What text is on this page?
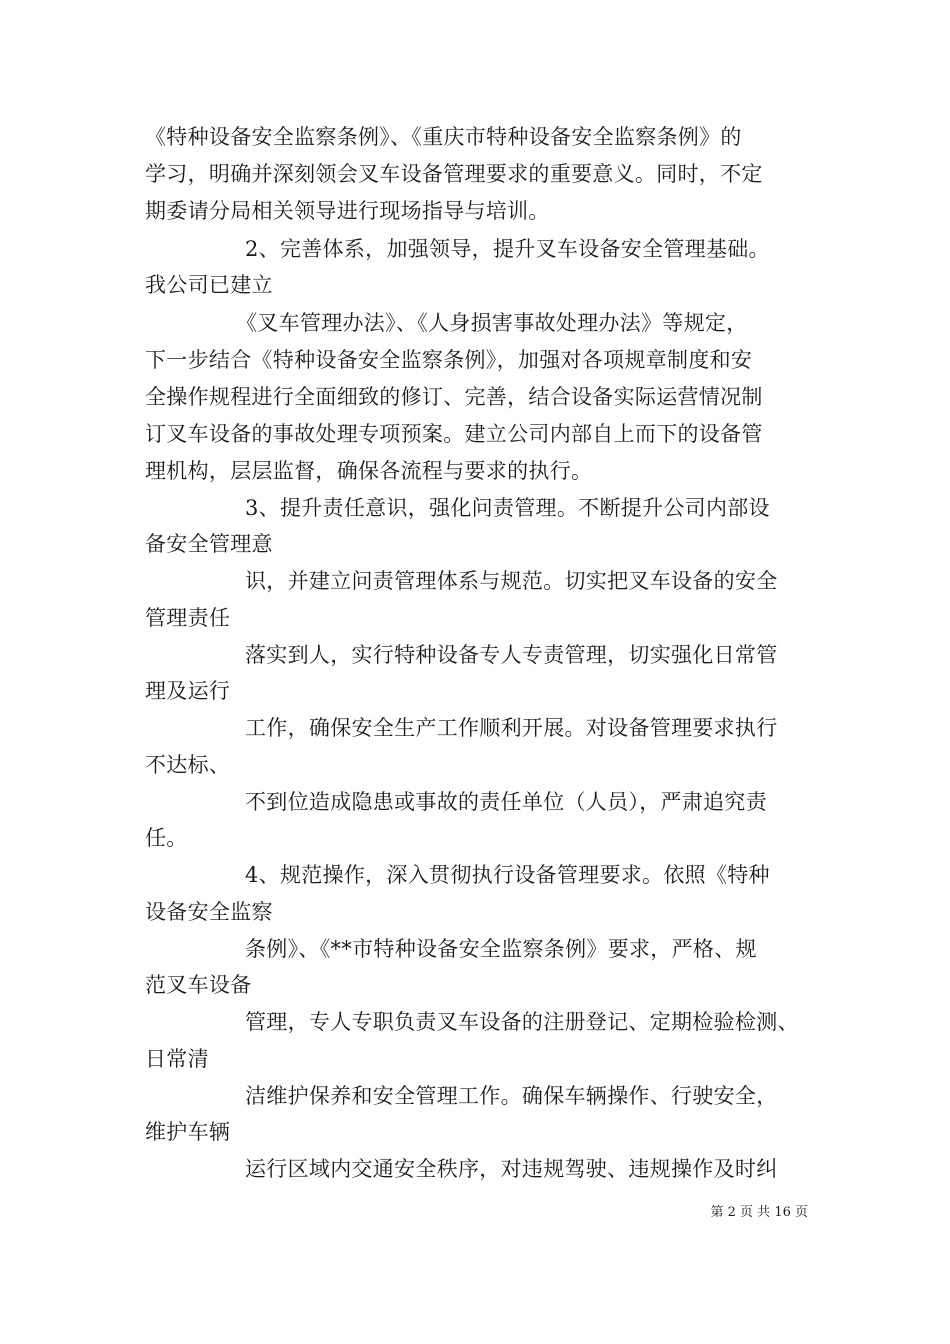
《特种设备安全监察条例》、《重庆市特种设备安全监察条例》的
学习，明确并深刻领会叉车设备管理要求的重要意义。同时，不定
期委请分局相关领导进行现场指导与培训。
2、完善体系，加强领导，提升叉车设备安全管理基础。
我公司已建立
《叉车管理办法》、《人身损害事故处理办法》等规定，
下一步结合《特种设备安全监察条例》，加强对各项规章制度和安
全操作规程进行全面细致的修订、完善，结合设备实际运营情况制
订叉车设备的事故处理专项预案。建立公司内部自上而下的设备管
理机构，层层监督，确保各流程与要求的执行。
3、提升责任意识，强化问责管理。不断提升公司内部设
备安全管理意
识，并建立问责管理体系与规范。切实把叉车设备的安全
管理责任
落实到人，实行特种设备专人专责管理，切实强化日常管
理及运行
工作，确保安全生产工作顺利开展。对设备管理要求执行
不达标、
不到位造成隐患或事故的责任单位（人员），严肃追究责
任。
4、规范操作，深入贯彻执行设备管理要求。依照《特种
设备安全监察
条例》、《**市特种设备安全监察条例》要求，严格、规
范叉车设备
管理，专人专职负责叉车设备的注册登记、定期检验检测、
日常清
洁维护保养和安全管理工作。确保车辆操作、行驶安全，
维护车辆
运行区域内交通安全秩序，对违规驾驶、违规操作及时纠
第 2 页 共 16 页
